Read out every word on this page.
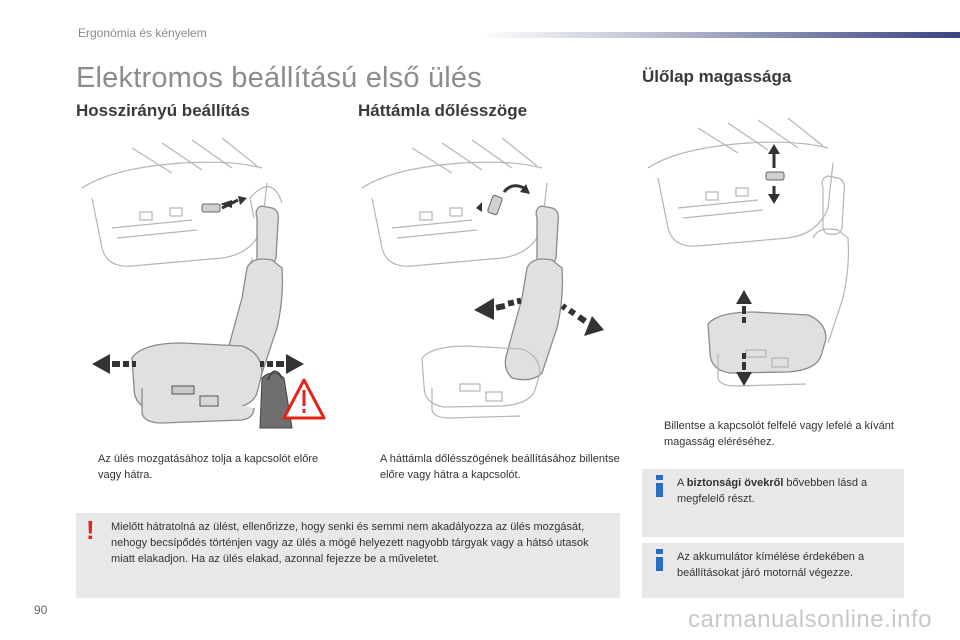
Ergonómia és kényelem
Elektromos beállítású első ülés
Hosszirányú beállítás	Háttámla dőlésszöge
Ülőlap magassága
Az ülés mozgatásához tolja a kapcsolót előre vagy hátra.
A háttámla dőlésszögének beállításához billentse előre vagy hátra a kapcsolót.
Billentse a kapcsolót felfelé vagy lefelé a kívánt magasság eléréséhez.
! Mielőtt hátratolná az ülést, ellenőrizze, hogy senki és semmi nem akadályozza az ülés mozgását, nehogy becsípődés történjen vagy az ülés a mögé helyezett nagyobb tárgyak vagy a hátsó utasok miatt elakadjon. Ha az ülés elakad, azonnal fejezze be a műveletet.
A biztonsági övekről bővebben lásd a megfelelő részt.
Az akkumulátor kímélése érdekében a beállításokat járó motornál végezze.
90	carmanualsonline.info
